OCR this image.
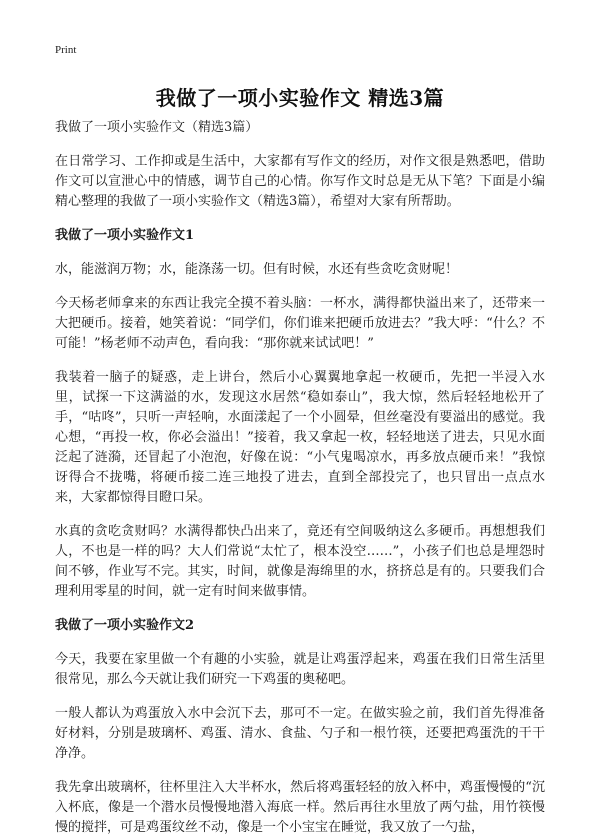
Print
我做了一项小实验作文 精选3篇
我做了一项小实验作文（精选3篇）

在日常学习、工作抑或是生活中，大家都有写作文的经历，对作文很是熟悉吧，借助作文可以宣泄心中的情感，调节自己的心情。你写作文时总是无从下笔？下面是小编精心整理的我做了一项小实验作文（精选3篇），希望对大家有所帮助。

我做了一项小实验作文1

水，能滋润万物；水，能涤荡一切。但有时候，水还有些贪吃贪财呢！

今天杨老师拿来的东西让我完全摸不着头脑：一杯水，满得都快溢出来了，还带来一大把硬币。接着，她笑着说：“同学们，你们谁来把硬币放进去？”我大呼：“什么？不可能！”杨老师不动声色，看向我：“那你就来试试吧！”

我装着一脑子的疑惑，走上讲台，然后小心翼翼地拿起一枚硬币，先把一半浸入水里，试探一下这满溢的水，发现这水居然“稳如泰山”，我大惊，然后轻轻地松开了手，“咕咚”，只听一声轻响，水面漾起了一个小圆晕，但丝毫没有要溢出的感觉。我心想，“再投一枚，你必会溢出！”接着，我又拿起一枚，轻轻地送了进去，只见水面泛起了涟漪，还冒起了小泡泡，好像在说：“小气鬼喝凉水，再多放点硬币来！”我惊讶得合不拢嘴，将硬币接二连三地投了进去，直到全部投完了，也只冒出一点点水来，大家都惊得目瞪口呆。

水真的贪吃贪财吗？水满得都快凸出来了，竟还有空间吸纳这么多硬币。再想想我们人，不也是一样的吗？大人们常说“太忙了，根本没空……”，小孩子们也总是埋怨时间不够，作业写不完。其实，时间，就像是海绵里的水，挤挤总是有的。只要我们合理利用零星的时间，就一定有时间来做事情。

我做了一项小实验作文2

今天，我要在家里做一个有趣的小实验，就是让鸡蛋浮起来，鸡蛋在我们日常生活里很常见，那么今天就让我们研究一下鸡蛋的奥秘吧。

一般人都认为鸡蛋放入水中会沉下去，那可不一定。在做实验之前，我们首先得准备好材料，分别是玻璃杯、鸡蛋、清水、食盐、勺子和一根竹筷，还要把鸡蛋洗的干干净净。

我先拿出玻璃杯，往杯里注入大半杯水，然后将鸡蛋轻轻的放入杯中，鸡蛋慢慢的“沉入杯底，像是一个潜水员慢慢地潜入海底一样。然后再往水里放了两勺盐，用竹筷慢慢的搅拌，可是鸡蛋纹丝不动，像是一个小宝宝在睡觉，我又放了一勺盐，
